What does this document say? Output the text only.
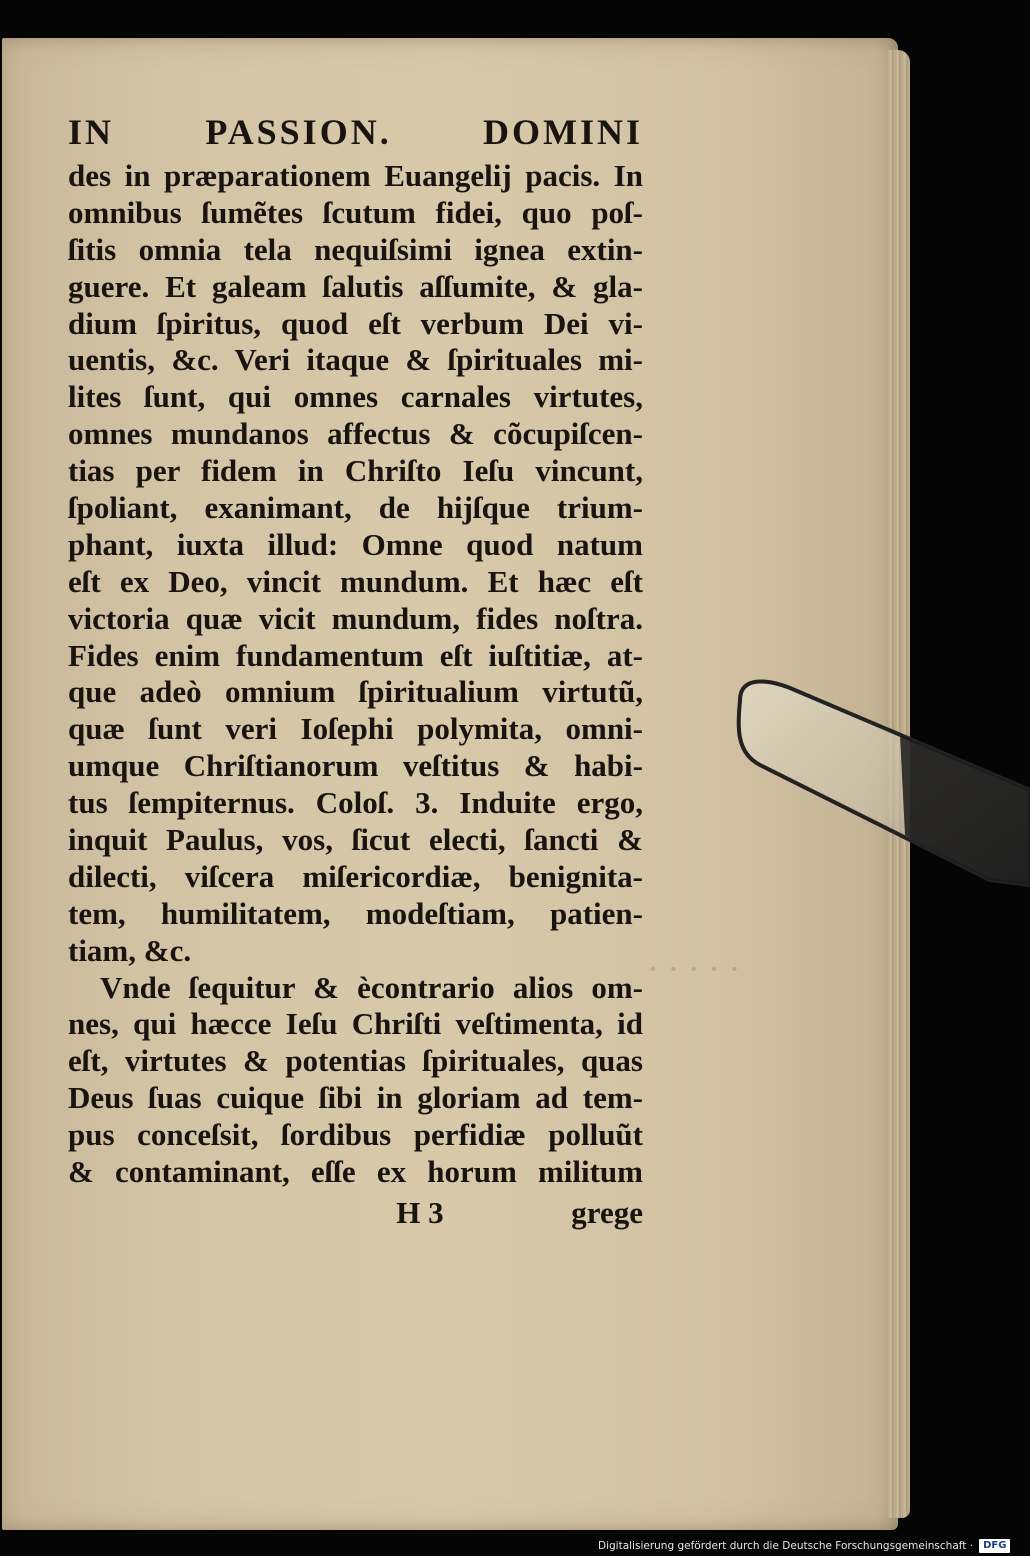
· · · · ·
IN PASSION. DOMINI
des in præparationem Euangelij pacis. In
omnibus ſumẽtes ſcutum fidei, quo poſ-
ſitis omnia tela nequiſsimi ignea extin-
guere. Et galeam ſalutis aſſumite, & gla-
dium ſpiritus, quod eſt verbum Dei vi-
uentis, &c. Veri itaque & ſpirituales mi-
lites ſunt, qui omnes carnales virtutes,
omnes mundanos affectus & cõcupiſcen-
tias per fidem in Chriſto Ieſu vincunt,
ſpoliant, exanimant, de hijſque trium-
phant, iuxta illud: Omne quod natum
eſt ex Deo, vincit mundum. Et hæc eſt
victoria quæ vicit mundum, fides noſtra.
Fides enim fundamentum eſt iuſtitiæ, at-
que adeò omnium ſpiritualium virtutũ,
quæ ſunt veri Ioſephi polymita, omni-
umque Chriſtianorum veſtitus & habi-
tus ſempiternus. Coloſ. 3. Induite ergo,
inquit Paulus, vos, ſicut electi, ſancti &
dilecti, viſcera miſericordiæ, benignita-
tem, humilitatem, modeſtiam, patien-
tiam, &c.
Vnde ſequitur & ècontrario alios om-
nes, qui hæcce Ieſu Chriſti veſtimenta, id
eſt, virtutes & potentias ſpirituales, quas
Deus ſuas cuique ſibi in gloriam ad tem-
pus conceſsit, ſordibus perfidiæ polluũt
& contaminant, eſſe ex horum militum
H 3	grege
Digitalisierung gefördert durch die Deutsche Forschungsgemeinschaft ·	DFG
